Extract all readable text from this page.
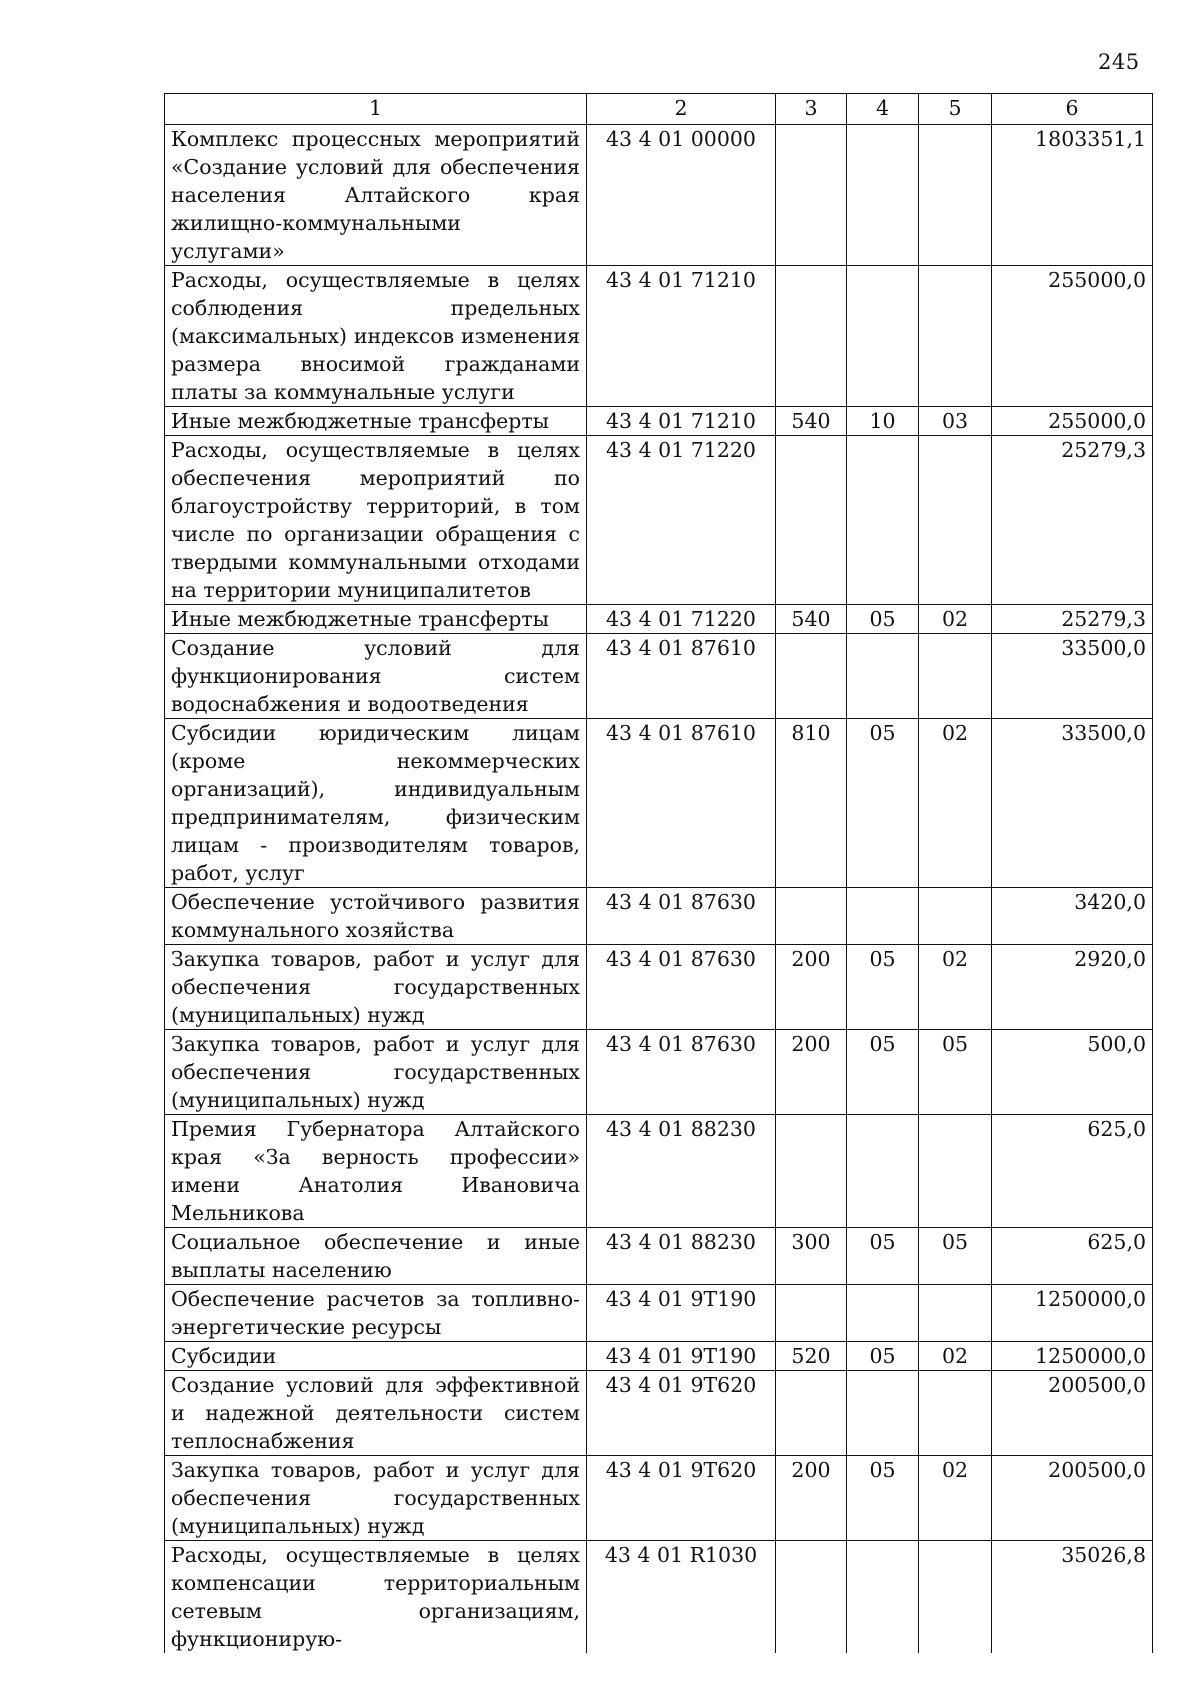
245
1	2	3	4	5	6
Комплекс процессных мероприятий «Создание условий для обеспечения населения Алтайского края жилищно-коммунальными услугами»	43 4 01 00000				1803351,1
Расходы, осуществляемые в целях соблюдения предельных (максимальных) индексов изменения размера вносимой гражданами платы за коммунальные услуги	43 4 01 71210				255000,0
Иные межбюджетные трансферты	43 4 01 71210	540	10	03	255000,0
Расходы, осуществляемые в целях обеспечения мероприятий по благоустройству территорий, в том числе по организации обращения с твердыми коммунальными отходами на территории муниципалитетов	43 4 01 71220				25279,3
Иные межбюджетные трансферты	43 4 01 71220	540	05	02	25279,3
Создание условий для функционирования систем водоснабжения и водоотведения	43 4 01 87610				33500,0
Субсидии юридическим лицам (кроме некоммерческих организаций), индивидуальным предпринимателям, физическим лицам - производителям товаров, работ, услуг	43 4 01 87610	810	05	02	33500,0
Обеспечение устойчивого развития коммунального хозяйства	43 4 01 87630				3420,0
Закупка товаров, работ и услуг для обеспечения государственных (муниципальных) нужд	43 4 01 87630	200	05	02	2920,0
Закупка товаров, работ и услуг для обеспечения государственных (муниципальных) нужд	43 4 01 87630	200	05	05	500,0
Премия Губернатора Алтайского края «За верность профессии» имени Анатолия Ивановича Мельникова	43 4 01 88230				625,0
Социальное обеспечение и иные выплаты населению	43 4 01 88230	300	05	05	625,0
Обеспечение расчетов за топливно-энергетические ресурсы	43 4 01 9Т190				1250000,0
Субсидии	43 4 01 9Т190	520	05	02	1250000,0
Создание условий для эффективной и надежной деятельности систем теплоснабжения	43 4 01 9Т620				200500,0
Закупка товаров, работ и услуг для обеспечения государственных (муниципальных) нужд	43 4 01 9Т620	200	05	02	200500,0
Расходы, осуществляемые в целях компенсации территориальным сетевым организациям, функционирую-	43 4 01 R1030				35026,8
